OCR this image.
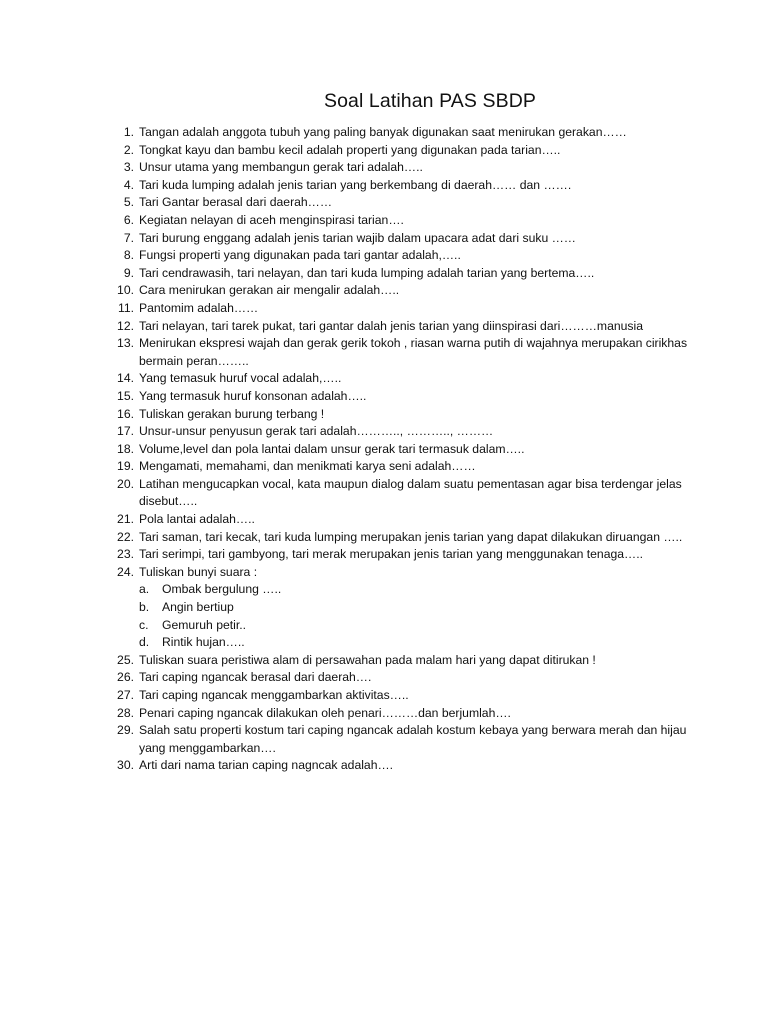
Soal Latihan PAS SBDP
1. Tangan adalah anggota tubuh yang paling banyak digunakan saat menirukan gerakan……
2. Tongkat kayu dan bambu kecil adalah properti yang digunakan pada tarian…..
3. Unsur utama yang membangun gerak tari adalah…..
4. Tari kuda lumping adalah jenis tarian yang berkembang di daerah…… dan …….
5. Tari Gantar berasal dari daerah……
6. Kegiatan nelayan di aceh menginspirasi tarian….
7. Tari burung enggang adalah jenis tarian wajib dalam upacara adat dari suku ……
8. Fungsi properti yang digunakan pada tari gantar adalah,…..
9. Tari cendrawasih, tari nelayan, dan tari kuda lumping adalah tarian yang bertema…..
10. Cara menirukan gerakan air mengalir adalah…..
11. Pantomim adalah……
12. Tari nelayan, tari tarek pukat, tari gantar dalah jenis tarian yang diinspirasi dari………manusia
13. Menirukan ekspresi wajah dan gerak gerik tokoh , riasan warna putih di wajahnya merupakan cirikhas bermain peran……..
14. Yang temasuk huruf vocal adalah,…..
15. Yang termasuk huruf konsonan adalah…..
16. Tuliskan gerakan burung terbang !
17. Unsur-unsur penyusun gerak tari adalah……….., ……….., ………
18. Volume,level dan pola lantai dalam unsur gerak tari termasuk dalam…..
19. Mengamati, memahami, dan menikmati karya seni adalah……
20. Latihan mengucapkan vocal, kata maupun dialog dalam suatu pementasan agar bisa terdengar jelas disebut…..
21. Pola lantai adalah…..
22. Tari saman, tari kecak, tari kuda lumping merupakan jenis tarian yang dapat dilakukan diruangan …..
23. Tari serimpi, tari gambyong, tari merak merupakan jenis tarian yang menggunakan tenaga…..
24. Tuliskan bunyi suara :
a. Ombak bergulung …..
b. Angin bertiup
c. Gemuruh petir..
d. Rintik hujan…..
25. Tuliskan suara peristiwa alam di persawahan pada malam hari yang dapat ditirukan !
26. Tari caping ngancak berasal dari daerah….
27. Tari caping ngancak menggambarkan aktivitas…..
28. Penari caping ngancak dilakukan oleh penari………dan berjumlah….
29. Salah satu properti kostum tari caping ngancak adalah kostum kebaya yang berwara merah dan hijau yang menggambarkan….
30. Arti dari nama tarian caping nagncak adalah….
